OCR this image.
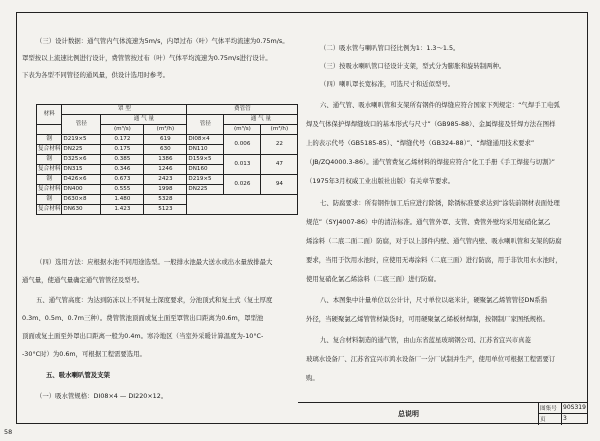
（三）设计数据：通气管内气体流速为5m/s，内罩过布（叶）气体平均流速为0.75m/s。
罩型按以上流速比例进行设计，费管管按过布（叶）气体平均流速为0.75m/s进行设计。
下表为各型不同管径的通风量，供设计选用时参考。
材料	罩 型			费管管		
	管径	通 气 量		管径	通 气 量	
		(m³/s)	(m³/h)		(m³/s)	(m³/h)
钢	D219×5	0.172	619	DI08×4	0.006	22
复合材料	DN225	0.175	630	DN110		
钢	D325×6	0.385	1386	D159×5	0.013	47
复合材料	DN315	0.346	1246	DN160		
钢	D426×6	0.673	2423	D219×5	0.026	94
复合材料	DN400	0.555	1998	DN225		
钢	D630×8	1.480	5328			
复合材料	DN630	1.423	5123			
（四）选用方法：应根据水池不同用途选型。一般排水池最大送水或出水量放排最大
通气量，使通气量确定通气管管径及型号。
五、通气管高度：为达到防冻以上不同复土深度要求，分池顶式和复土式（复土厚度
0.3m、0.5m、0.7m三种）。费管管池顶面或复土面至罩管出口距离为0.6m，罩型池
顶面或复土面至外罩出口距离一般为0.4m。寒冷地区（当室外采暖计算温度为-10°C-
-30°C时）为0.6m，可根据工程需要选用。
五、吸水喇叭管及支架
（一）吸水管规格：DI08×4 — DI220×12。
（二）吸水管与喇叭管口径比例为1：1.3～1.5。
（三）按吸水喇叭管口径设计支架，型式分为膨胀和旋转制两种。
（四）喇叭罩长宽标准，可选尺寸和近似型号。
六、通气管、吸水喇叭管和支架所有钢件的焊缝应符合国家下列规定：“气焊手工电弧
焊及气体保护焊焊缝坡口的基本形式与尺寸”（GB985-88）、金属焊接及钎焊方法在图样
上的表示代号（GB5185-85）、“焊缝代号（GB324-88）”、“焊缝通用技术要求”
（JB/ZQ4000.3-86）。通气管费复乙烯材料的焊接应符合“化工手册《手工焊接与切割》”
（1975年3月权威工业出版社出版）有关章节要求。
七、防腐要求：所有钢件加工后应进行除锈，除锈标准要求达到“涂装前钢材表面处理
规范”（SYJ4007-86）中的清洁标准。通气管外罩、支管、费管外壁均采用复硝化氯乙
烯涂料（二底二面二面）防腐，对于以上部件内壁、通气管内壁、吸水喇叭管和支架的防腐
要求，当用于饮用水池时，应使用无毒涂料（二底三面）进行防腐，用于非饮用水水池时，
使用复硝化氯乙烯涂料（二底三面）进行防腐。
八、本图集中计量单位以公计计，尺寸单位以毫米计，硬聚氯乙烯管管径DN系指
外径，当硬聚氯乙烯管管材缺货时，可用硬聚氯乙烯板材焊制，按钢制厂家图纸规格。
九、复合材料制造的通气管，由山东省蓝星玻璃钢公司、江苏省宜兴市真菱
玻璃水设备厂、江苏省宜兴市鸿水设备厂一分厂试制并生产，使用单位可根据工程需要订
购。
总说明
图集号 90S319
页	3
58
